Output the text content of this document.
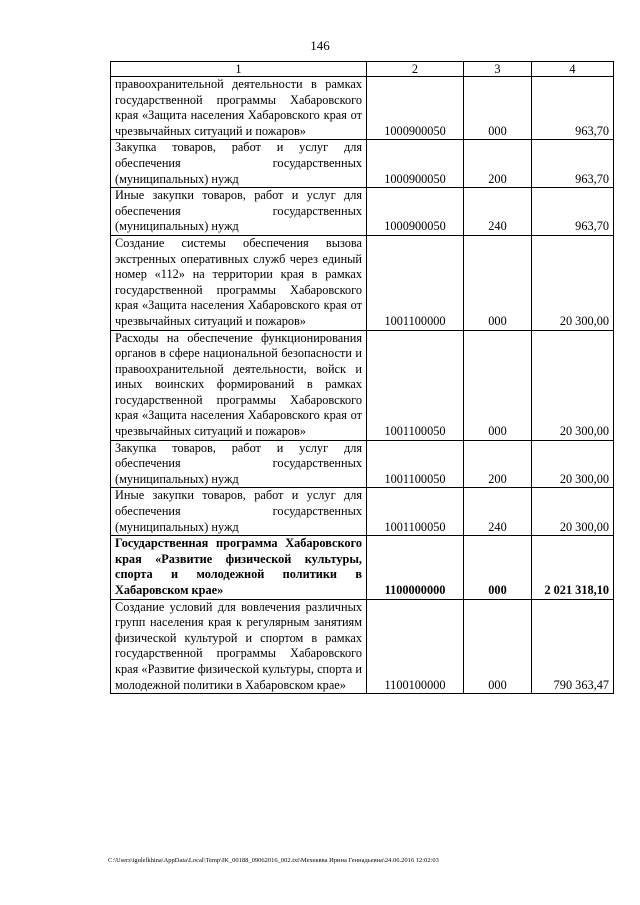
146
1	2	3	4
правоохранительной деятельности в рамках государственной программы Хабаровского края «Защита населения Хабаровского края от чрезвычайных ситуаций и пожаров»	1000900050	000	963,70
Закупка товаров, работ и услуг для обеспечения государственных (муниципальных) нужд	1000900050	200	963,70
Иные закупки товаров, работ и услуг для обеспечения государственных (муниципальных) нужд	1000900050	240	963,70
Создание системы обеспечения вызова экстренных оперативных служб через единый номер «112» на территории края в рамках государственной программы Хабаровского края «Защита населения Хабаровского края от чрезвычайных ситуаций и пожаров»	1001100000	000	20 300,00
Расходы на обеспечение функционирования органов в сфере национальной безопасности и правоохранительной деятельности, войск и иных воинских формирований в рамках государственной программы Хабаровского края «Защита населения Хабаровского края от чрезвычайных ситуаций и пожаров»	1001100050	000	20 300,00
Закупка товаров, работ и услуг для обеспечения государственных (муниципальных) нужд	1001100050	200	20 300,00
Иные закупки товаров, работ и услуг для обеспечения государственных (муниципальных) нужд	1001100050	240	20 300,00
Государственная программа Хабаровского края «Развитие физической культуры, спорта и молодежной политики в Хабаровском крае»	1100000000	000	2 021 318,10
Создание условий для вовлечения различных групп населения края к регулярным занятиям физической культурой и спортом в рамках государственной программы Хабаровского края «Развитие физической культуры, спорта и молодежной политики в Хабаровском крае»	1100100000	000	790 363,47
C:\Users\igulelkhina\AppData\Local\Temp\IK_00188_09062016_002.txt\Мехеквва Ирина Геннадьевна\24.06.2016 12:02:03
